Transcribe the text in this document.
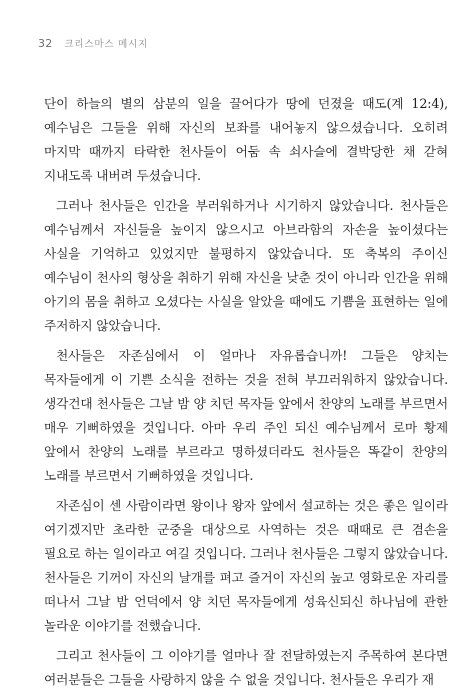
32 크리스마스 메시지

단이 하늘의 별의 삼분의 일을 끌어다가 땅에 던졌을 때도(계 12:4), 예수님은 그들을 위해 자신의 보좌를 내어놓지 않으셨습니다. 오히려 마지막 때까지 타락한 천사들이 어둠 속 쇠사슬에 결박당한 채 갇혀 지내도록 내버려 두셨습니다.

그러나 천사들은 인간을 부러워하거나 시기하지 않았습니다. 천사들은 예수님께서 자신들을 높이지 않으시고 아브라함의 자손을 높이셨다는 사실을 기억하고 있었지만 불평하지 않았습니다. 또 축복의 주이신 예수님이 천사의 형상을 취하기 위해 자신을 낮춘 것이 아니라 인간을 위해 아기의 몸을 취하고 오셨다는 사실을 알았을 때에도 기쁨을 표현하는 일에 주저하지 않았습니다.

천사들은 자존심에서 이 얼마나 자유롭습니까! 그들은 양치는 목자들에게 이 기쁜 소식을 전하는 것을 전혀 부끄러워하지 않았습니다. 생각건대 천사들은 그날 밤 양 치던 목자들 앞에서 찬양의 노래를 부르면서 매우 기뻐하였을 것입니다. 아마 우리 주인 되신 예수님께서 로마 황제 앞에서 찬양의 노래를 부르라고 명하셨더라도 천사들은 똑같이 찬양의 노래를 부르면서 기뻐하였을 것입니다.

자존심이 센 사람이라면 왕이나 왕자 앞에서 설교하는 것은 좋은 일이라 여기겠지만 초라한 군중을 대상으로 사역하는 것은 때때로 큰 겸손을 필요로 하는 일이라고 여길 것입니다. 그러나 천사들은 그렇지 않았습니다. 천사들은 기꺼이 자신의 날개를 펴고 즐거이 자신의 높고 영화로운 자리를 떠나서 그날 밤 언덕에서 양 치던 목자들에게 성육신되신 하나님에 관한 놀라운 이야기를 전했습니다.

그리고 천사들이 그 이야기를 얼마나 잘 전달하였는지 주목하여 본다면 여러분들은 그들을 사랑하지 않을 수 없을 것입니다. 천사들은 우리가 재
